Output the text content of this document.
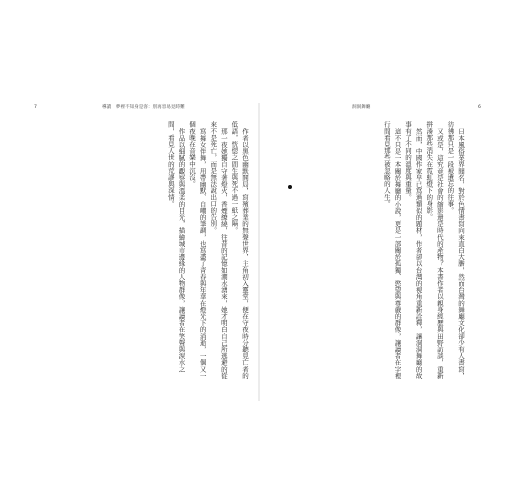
7	導讀　夢裡不知身是客：別再容易見時難

作者以黑色幽默開局，寫殯葬業的無聲世界，主角初入靈堂，便在守夜時分聽見亡者的低語，恍惚之間生與死不過一紙之隔。

那一夜她獨自守著燈火，香煙繚繞，往昔的記憶如潮水湧來，她才明白自己所逃避的從來不是死亡，而是無法說出口的告別。

寫舞女伴舞，用帶幽默、自嘲的筆調，也寫盡了青春與年華在燈光下的消逝，一個又一個夜晚在音樂中沉沒。

作品以細膩的觀察與溫柔的目光，描繪城市邊緣的人物群像，讓讀者在笑聲與淚水之間，看見人世的荒謬與深情。

洞洞舞廳	6

日本風俗業界聞名，對於色情書寫向來直白大膽，然而台灣的舞廳文化卻少有人書寫，彷彿那只是一段被遺忘的往事。

又或是，這究竟是社會的縮影還是時代的產物？本書作者以親身經歷與田野訪談，重新拼湊那些消失在霓虹燈下的身影。

然而，中國作家早已寫過類似的題材，作者卻以台灣的視角重新詮釋，讓洞洞舞廳的故事有了不同的溫度與重量。

這不只是一本關於舞廳的小說，更是一部關於孤獨、慾望與尊嚴的群像，讓讀者在字裡行間看見那些被忽略的人生。
